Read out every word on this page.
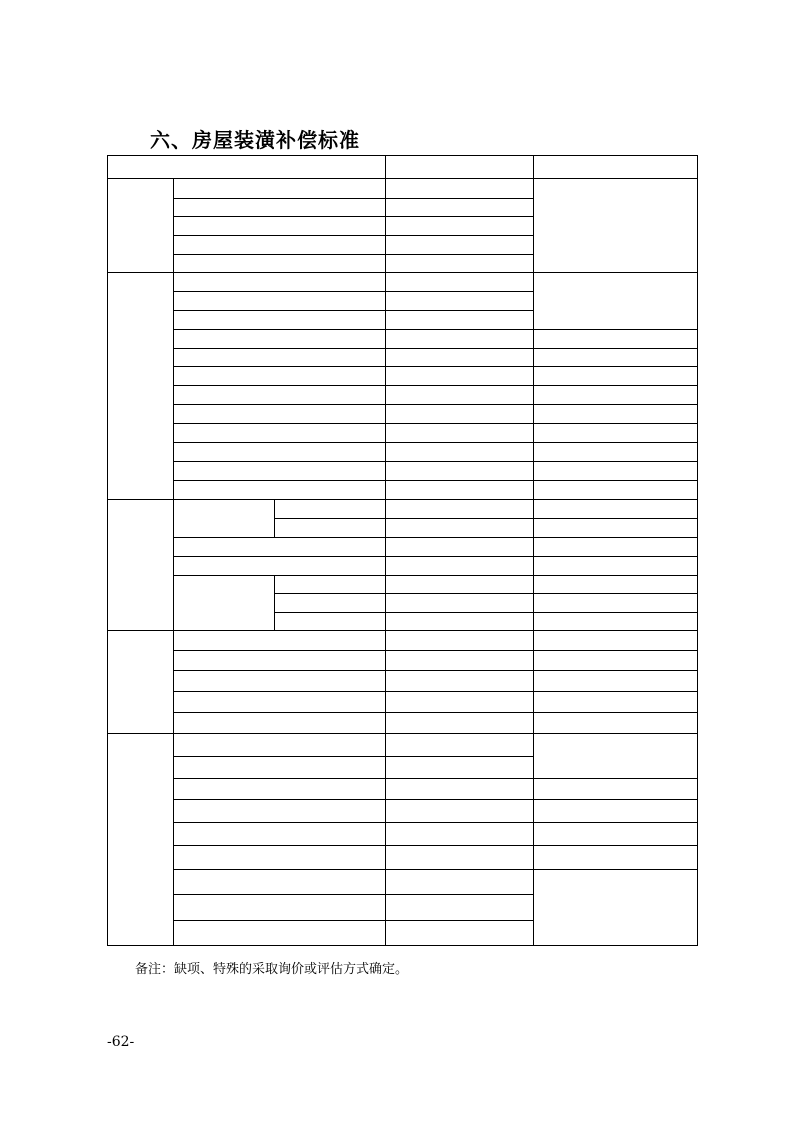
六、房屋装潢补偿标准
备注：缺项、特殊的采取询价或评估方式确定。
-62-
